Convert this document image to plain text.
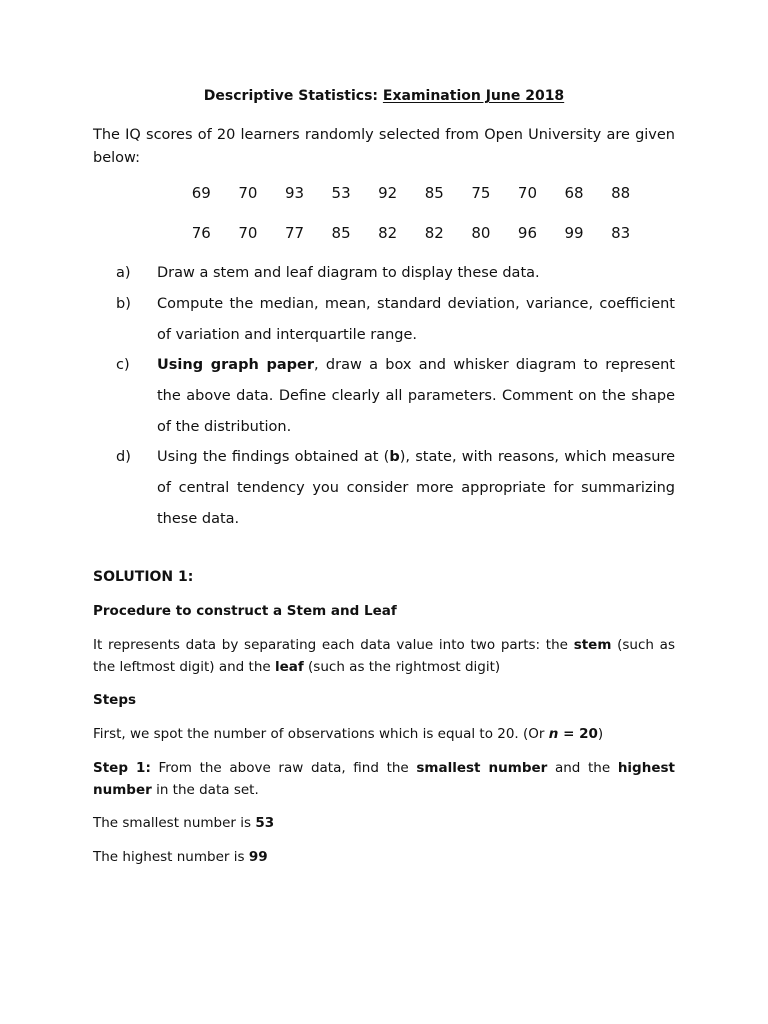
Descriptive Statistics: Examination June 2018

The IQ scores of 20 learners randomly selected from Open University are given below:

69	70	93	53	92	85	75	70	68	88
76	70	77	85	82	82	80	96	99	83
a) Draw a stem and leaf diagram to display these data.
b) Compute the median, mean, standard deviation, variance, coefficient of variation and interquartile range.
c) Using graph paper, draw a box and whisker diagram to represent the above data. Define clearly all parameters. Comment on the shape of the distribution.
d) Using the findings obtained at (b), state, with reasons, which measure of central tendency you consider more appropriate for summarizing these data.
SOLUTION 1:
Procedure to construct a Stem and Leaf

It represents data by separating each data value into two parts: the stem (such as the leftmost digit) and the leaf (such as the rightmost digit)

Steps

First, we spot the number of observations which is equal to 20. (Or n = 20)

Step 1: From the above raw data, find the smallest number and the highest number in the data set.

The smallest number is 53

The highest number is 99
